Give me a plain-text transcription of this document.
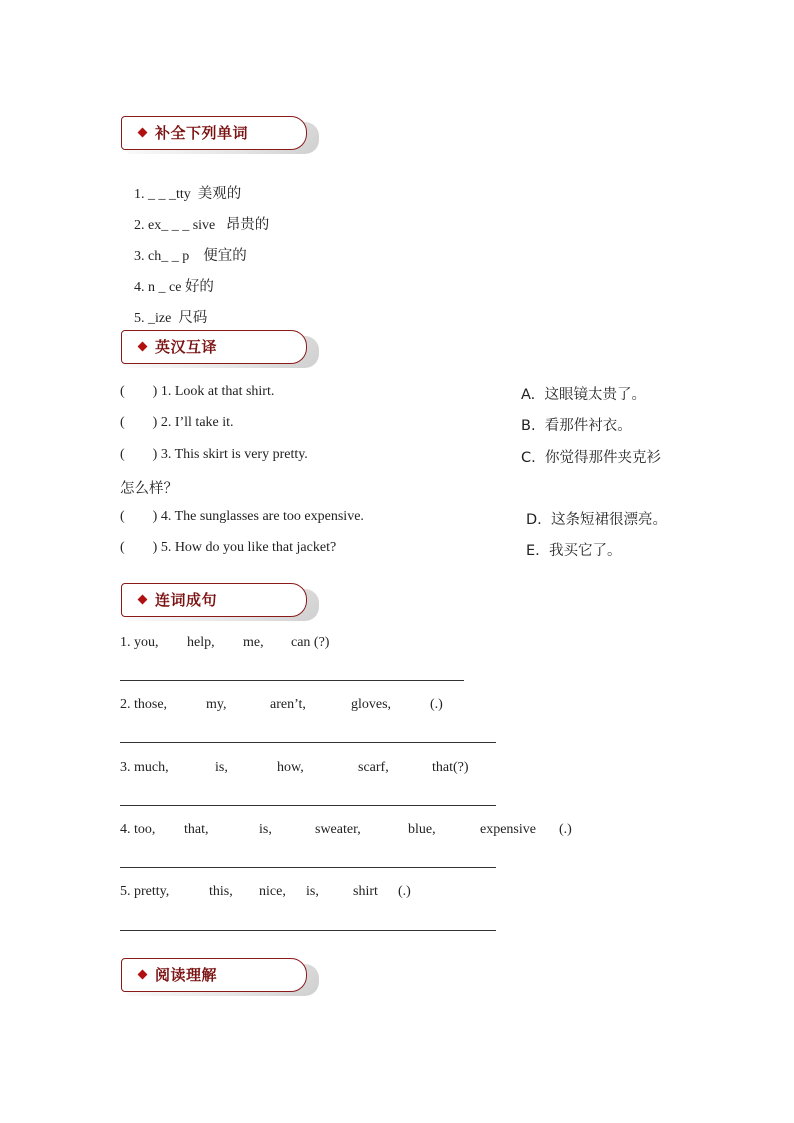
补全下列单词

1. _ _ _tty 美观的

2. ex_ _ _ sive 昂贵的

3. ch_ _ p 便宜的

4. n _ ce 好的

5. _ize 尺码

英汉互译
(        ) 1. Look at that shirt.	A.  这眼镜太贵了。
(        ) 2. I’ll take it.	B.  看那件衬衣。
(        ) 3. This skirt is very pretty.	C.  你觉得那件夹克衫
怎么样？
(        ) 4. The sunglasses are too expensive.	D.  这条短裙很漂亮。
(        ) 5. How do you like that jacket?	E.  我买它了。
连词成句
1. you, help, me, can (?)
2. those,	my,	aren’t,	gloves,	(.)
3. much,	is,	how,	scarf,	that(?)
4. too, that,	is,	sweater,	blue,	expensive (.)
5. pretty,	this, nice, is, shirt (.)
阅读理解
